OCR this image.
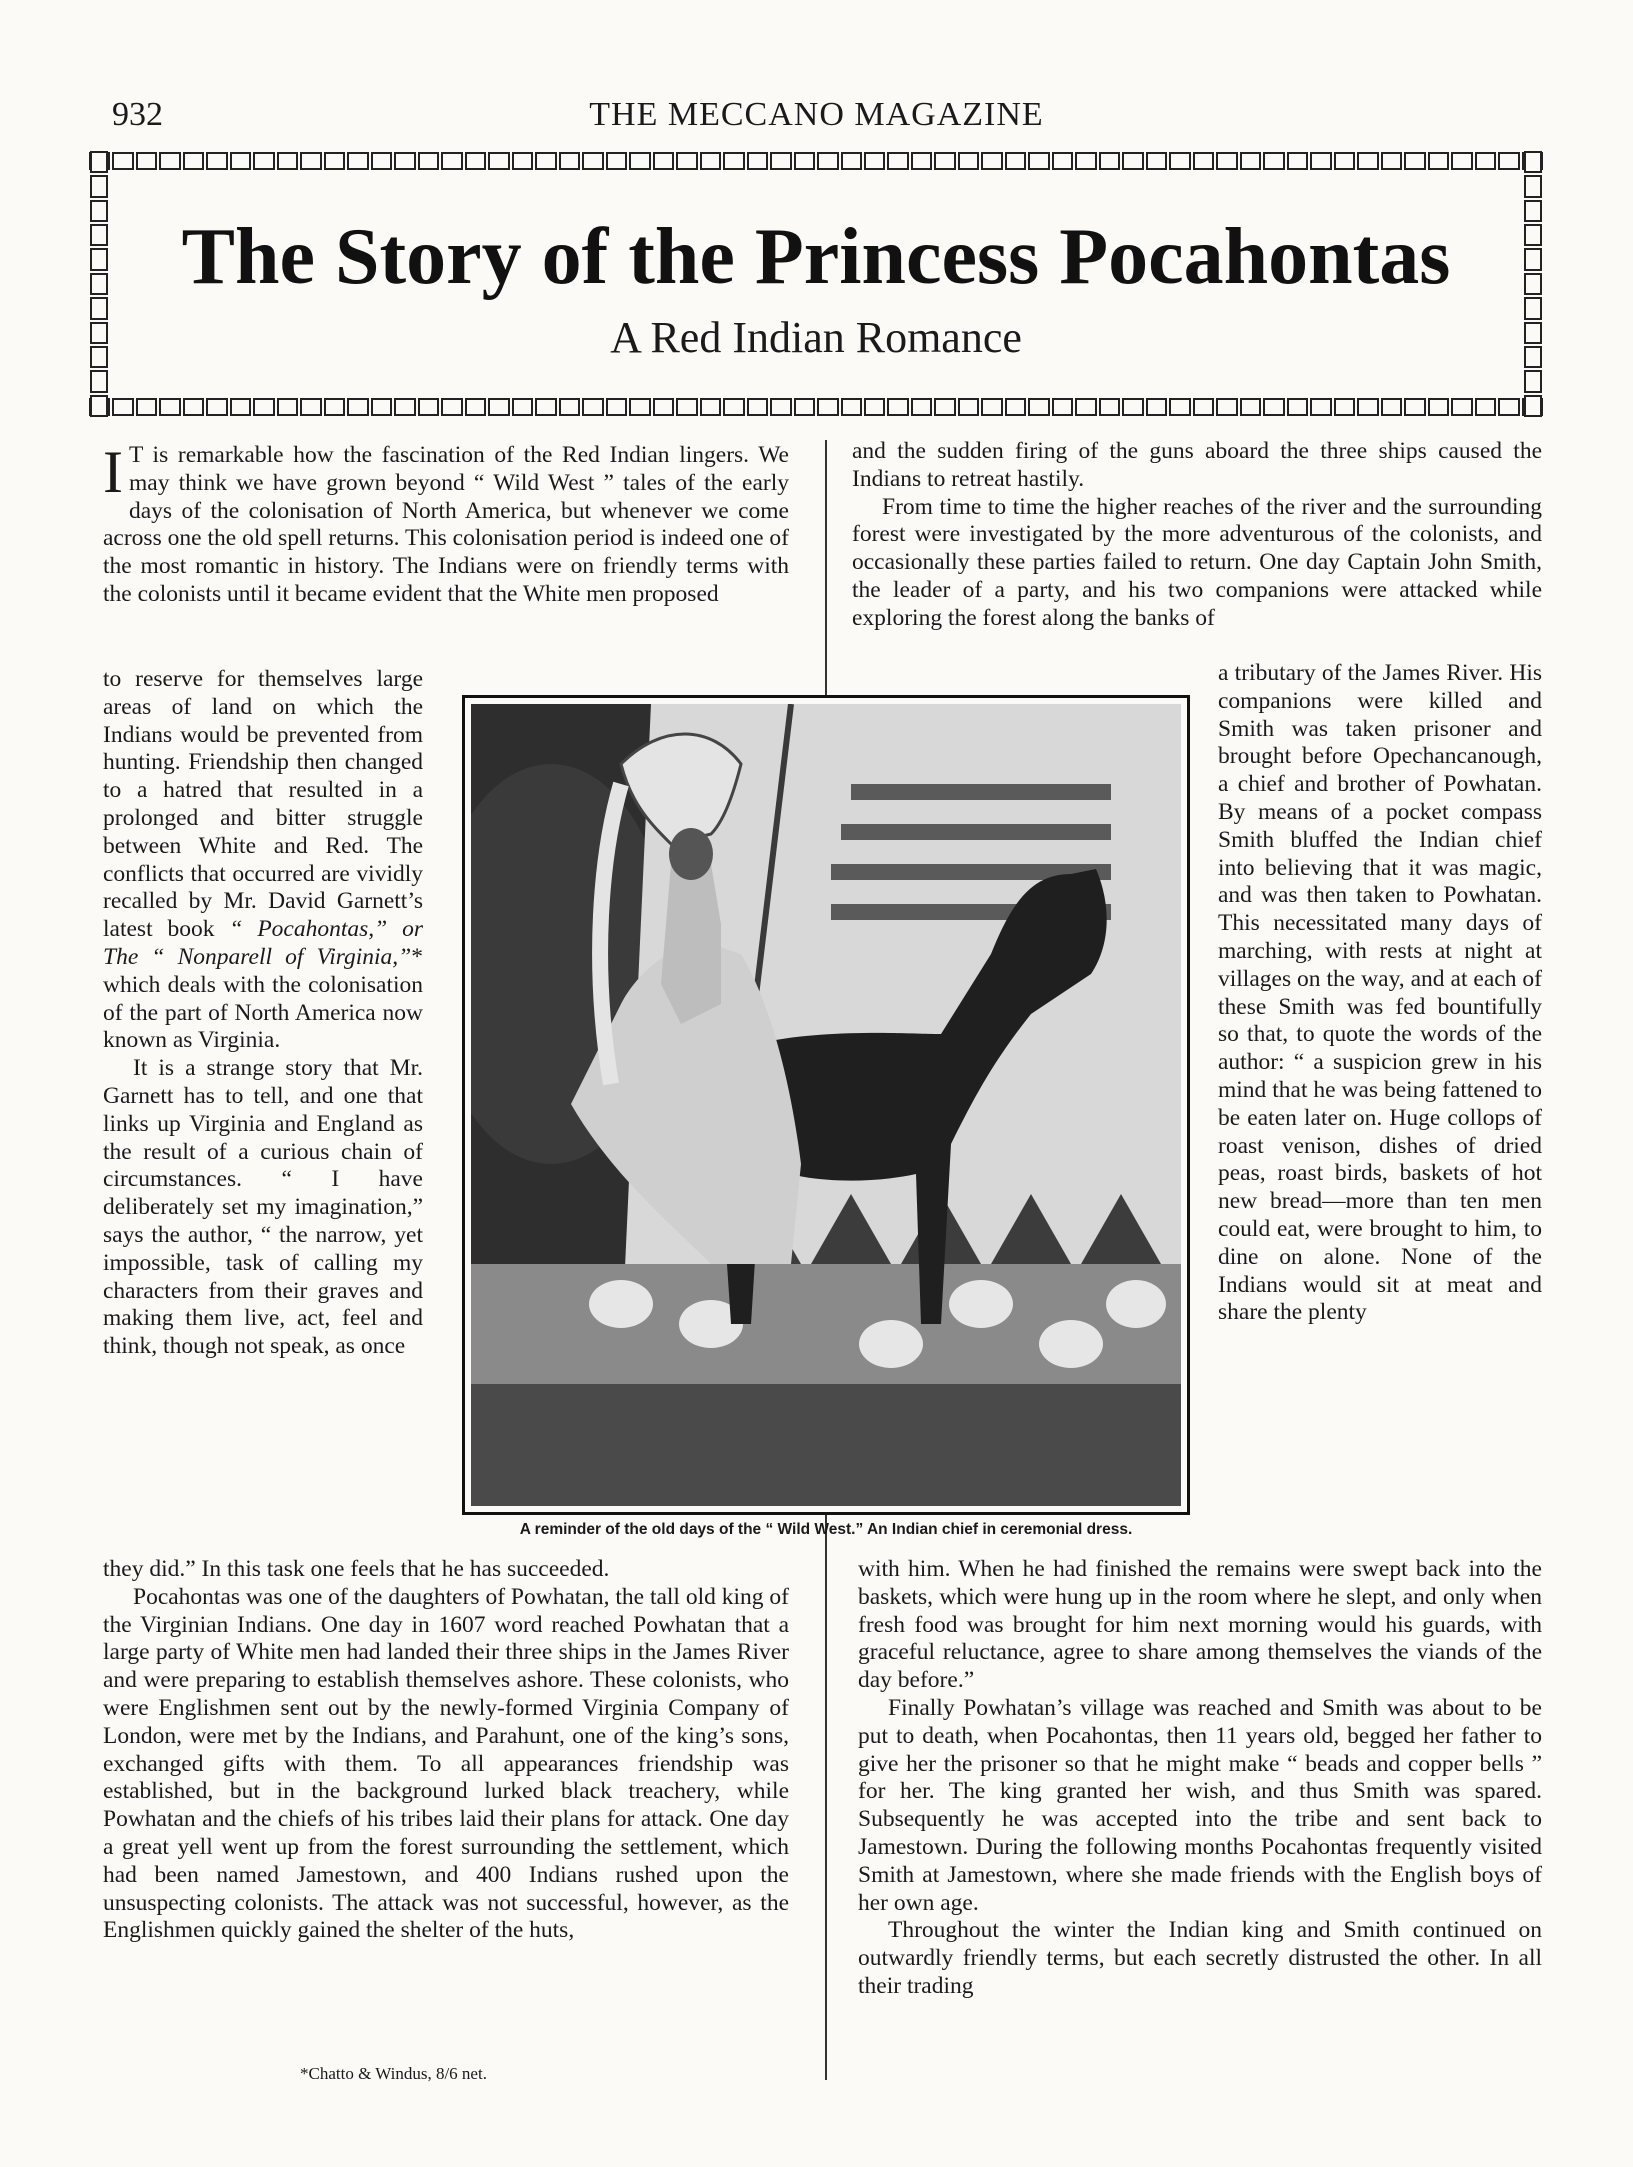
932	THE MECCANO MAGAZINE
The Story of the Princess Pocahontas
A Red Indian Romance

I T is remarkable how the fascination of the Red Indian lingers. We may think we have grown beyond “ Wild West ” tales of the early days of the colonisation of North America, but whenever we come across one the old spell returns. This colonisation period is indeed one of the most romantic in history. The Indians were on friendly terms with the colonists until it became evident that the White men proposed

to reserve for themselves large areas of land on which the Indians would be prevented from hunting. Friendship then changed to a hatred that resulted in a prolonged and bitter struggle between White and Red. The conflicts that occurred are vividly recalled by Mr. David Garnett’s latest book “ Pocahontas,” or The “ Nonparell of Virginia,”* which deals with the colonisation of the part of North America now known as Virginia.

It is a strange story that Mr. Garnett has to tell, and one that links up Virginia and England as the result of a curious chain of circumstances. “ I have deliberately set my imagination,” says the author, “ the narrow, yet impossible, task of calling my characters from their graves and making them live, act, feel and think, though not speak, as once

they did.” In this task one feels that he has succeeded.

Pocahontas was one of the daughters of Powhatan, the tall old king of the Virginian Indians. One day in 1607 word reached Powhatan that a large party of White men had landed their three ships in the James River and were preparing to establish themselves ashore. These colonists, who were Englishmen sent out by the newly-formed Virginia Company of London, were met by the Indians, and Parahunt, one of the king’s sons, exchanged gifts with them. To all appearances friendship was established, but in the background lurked black treachery, while Powhatan and the chiefs of his tribes laid their plans for attack. One day a great yell went up from the forest surrounding the settlement, which had been named Jamestown, and 400 Indians rushed upon the unsuspecting colonists. The attack was not successful, however, as the Englishmen quickly gained the shelter of the huts,

*Chatto & Windus, 8/6 net.

and the sudden firing of the guns aboard the three ships caused the Indians to retreat hastily.

From time to time the higher reaches of the river and the surrounding forest were investigated by the more adventurous of the colonists, and occasionally these parties failed to return. One day Captain John Smith, the leader of a party, and his two companions were attacked while exploring the forest along the banks of

a tributary of the James River. His companions were killed and Smith was taken prisoner and brought before Opechancanough, a chief and brother of Powhatan. By means of a pocket compass Smith bluffed the Indian chief into believing that it was magic, and was then taken to Powhatan. This necessitated many days of marching, with rests at night at villages on the way, and at each of these Smith was fed bountifully so that, to quote the words of the author: “ a suspicion grew in his mind that he was being fattened to be eaten later on. Huge collops of roast venison, dishes of dried peas, roast birds, baskets of hot new bread—more than ten men could eat, were brought to him, to dine on alone. None of the Indians would sit at meat and share the plenty

with him. When he had finished the remains were swept back into the baskets, which were hung up in the room where he slept, and only when fresh food was brought for him next morning would his guards, with graceful reluctance, agree to share among themselves the viands of the day before.”

Finally Powhatan’s village was reached and Smith was about to be put to death, when Pocahontas, then 11 years old, begged her father to give her the prisoner so that he might make “ beads and copper bells ” for her. The king granted her wish, and thus Smith was spared. Subsequently he was accepted into the tribe and sent back to Jamestown. During the following months Pocahontas frequently visited Smith at Jamestown, where she made friends with the English boys of her own age.

Throughout the winter the Indian king and Smith continued on outwardly friendly terms, but each secretly distrusted the other. In all their trading

A reminder of the old days of the “ Wild West.” An Indian chief in ceremonial dress.
